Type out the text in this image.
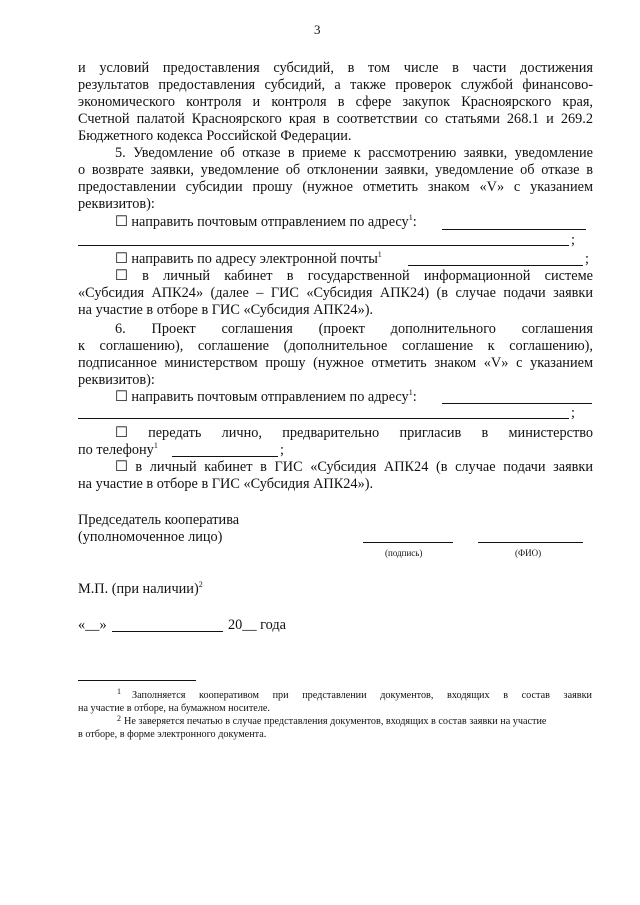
3
и условий предоставления субсидий, в том числе в части достижения
результатов предоставления субсидий, а также проверок службой финансово-
экономического контроля и контроля в сфере закупок Красноярского края,
Счетной палатой Красноярского края в соответствии со статьями 268.1 и 269.2
Бюджетного кодекса Российской Федерации.
5. Уведомление об отказе в приеме к рассмотрению заявки, уведомление
о возврате заявки, уведомление об отклонении заявки, уведомление об отказе в
предоставлении субсидии прошу (нужное отметить знаком «V» с указанием
реквизитов):
☐ направить почтовым отправлением по адресу$^1$:
;
☐ направить по адресу электронной почты$^1$	;
☐ в личный кабинет в государственной информационной системе
«Субсидия АПК24» (далее – ГИС «Субсидия АПК24) (в случае подачи заявки
на участие в отборе в ГИС «Субсидия АПК24»).
6. Проект соглашения (проект дополнительного соглашения
к соглашению), соглашение (дополнительное соглашение к соглашению),
подписанное министерством прошу (нужное отметить знаком «V» с указанием
реквизитов):
☐ направить почтовым отправлением по адресу$^1$:
;
☐ передать лично, предварительно пригласив в министерство
по телефону$^1$	;
☐ в личный кабинет в ГИС «Субсидия АПК24 (в случае подачи заявки
на участие в отборе в ГИС «Субсидия АПК24»).
Председатель кооператива
(уполномоченное лицо)
(подпись)	(ФИО)
М.П. (при наличии)$^2$
«__»	20__ года
1 Заполняется кооперативом при представлении документов, входящих в состав заявки
на участие в отборе, на бумажном носителе.
2 Не заверяется печатью в случае представления документов, входящих в состав заявки на участие
в отборе, в форме электронного документа.
